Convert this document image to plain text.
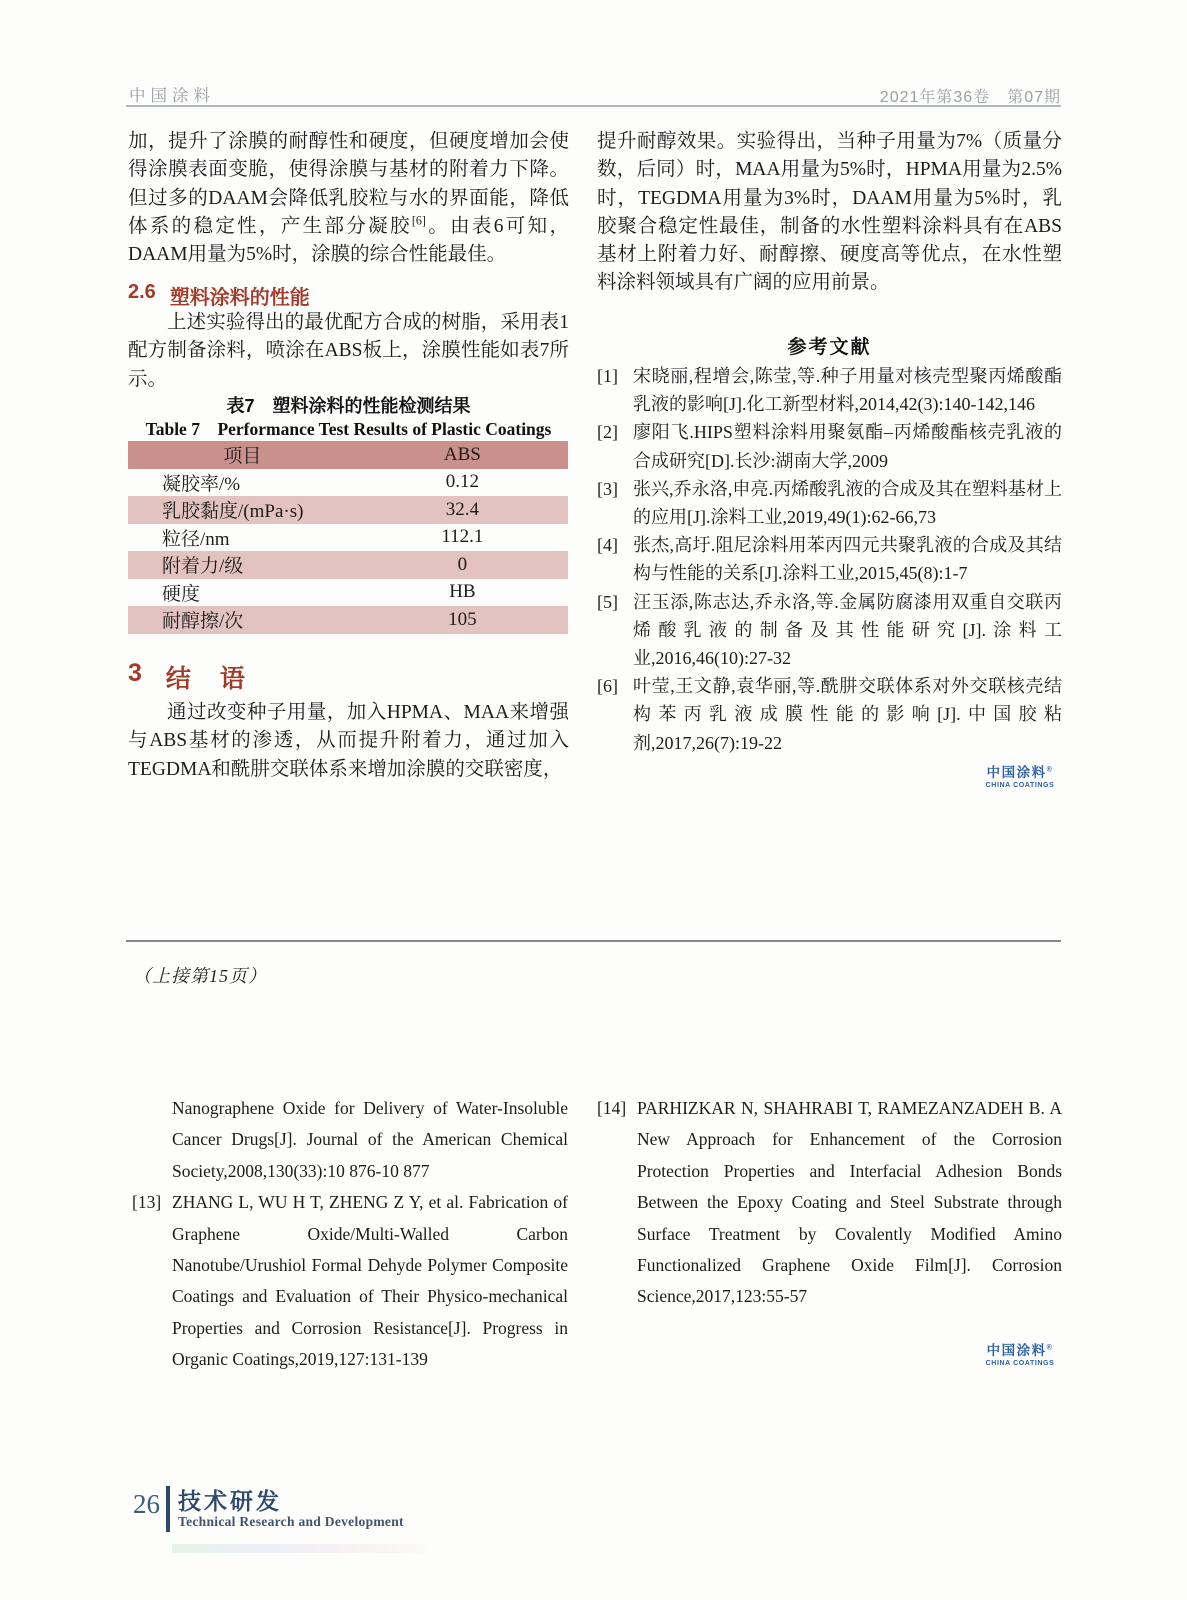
中国涂料	2021年第36卷　第07期
加，提升了涂膜的耐醇性和硬度，但硬度增加会使得涂膜表面变脆，使得涂膜与基材的附着力下降。但过多的DAAM会降低乳胶粒与水的界面能，降低体系的稳定性，产生部分凝胶[6]。由表6可知，DAAM用量为5%时，涂膜的综合性能最佳。
2.6 塑料涂料的性能
上述实验得出的最优配方合成的树脂，采用表1配方制备涂料，喷涂在ABS板上，涂膜性能如表7所示。
表7　塑料涂料的性能检测结果
Table 7　Performance Test Results of Plastic Coatings
项目	ABS
凝胶率/%	0.12
乳胶黏度/(mPa·s)	32.4
粒径/nm	112.1
附着力/级	0
硬度	HB
耐醇擦/次	105
3 结　语
通过改变种子用量，加入HPMA、MAA来增强与ABS基材的渗透，从而提升附着力，通过加入TEGDMA和酰肼交联体系来增加涂膜的交联密度，
提升耐醇效果。实验得出，当种子用量为7%（质量分数，后同）时，MAA用量为5%时，HPMA用量为2.5%时，TEGDMA用量为3%时，DAAM用量为5%时，乳胶聚合稳定性最佳，制备的水性塑料涂料具有在ABS基材上附着力好、耐醇擦、硬度高等优点，在水性塑料涂料领域具有广阔的应用前景。
参考文献
[1] 宋晓丽,程增会,陈莹,等.种子用量对核壳型聚丙烯酸酯乳液的影响[J].化工新型材料,2014,42(3):140-142,146
[2] 廖阳飞.HIPS塑料涂料用聚氨酯–丙烯酸酯核壳乳液的合成研究[D].长沙:湖南大学,2009
[3] 张兴,乔永洛,申亮.丙烯酸乳液的合成及其在塑料基材上的应用[J].涂料工业,2019,49(1):62-66,73
[4] 张杰,高圩.阻尼涂料用苯丙四元共聚乳液的合成及其结构与性能的关系[J].涂料工业,2015,45(8):1-7
[5] 汪玉添,陈志达,乔永洛,等.金属防腐漆用双重自交联丙烯酸乳液的制备及其性能研究[J].涂料工业,2016,46(10):27-32
[6] 叶莹,王文静,袁华丽,等.酰肼交联体系对外交联核壳结构苯丙乳液成膜性能的影响[J].中国胶粘剂,2017,26(7):19-22
中国涂料®
CHINA COATINGS
（上接第15页）
Nanographene Oxide for Delivery of Water-Insoluble Cancer Drugs[J]. Journal of the American Chemical Society,2008,130(33):10 876-10 877
[13] ZHANG L, WU H T, ZHENG Z Y, et al. Fabrication of Graphene Oxide/Multi-Walled Carbon Nanotube/Urushiol Formal Dehyde Polymer Composite Coatings and Evaluation of Their Physico-mechanical Properties and Corrosion Resistance[J]. Progress in Organic Coatings,2019,127:131-139
[14] PARHIZKAR N, SHAHRABI T, RAMEZANZADEH B. A New Approach for Enhancement of the Corrosion Protection Properties and Interfacial Adhesion Bonds Between the Epoxy Coating and Steel Substrate through Surface Treatment by Covalently Modified Amino Functionalized Graphene Oxide Film[J]. Corrosion Science,2017,123:55-57
中国涂料®
CHINA COATINGS
26 技术研发
Technical Research and Development
